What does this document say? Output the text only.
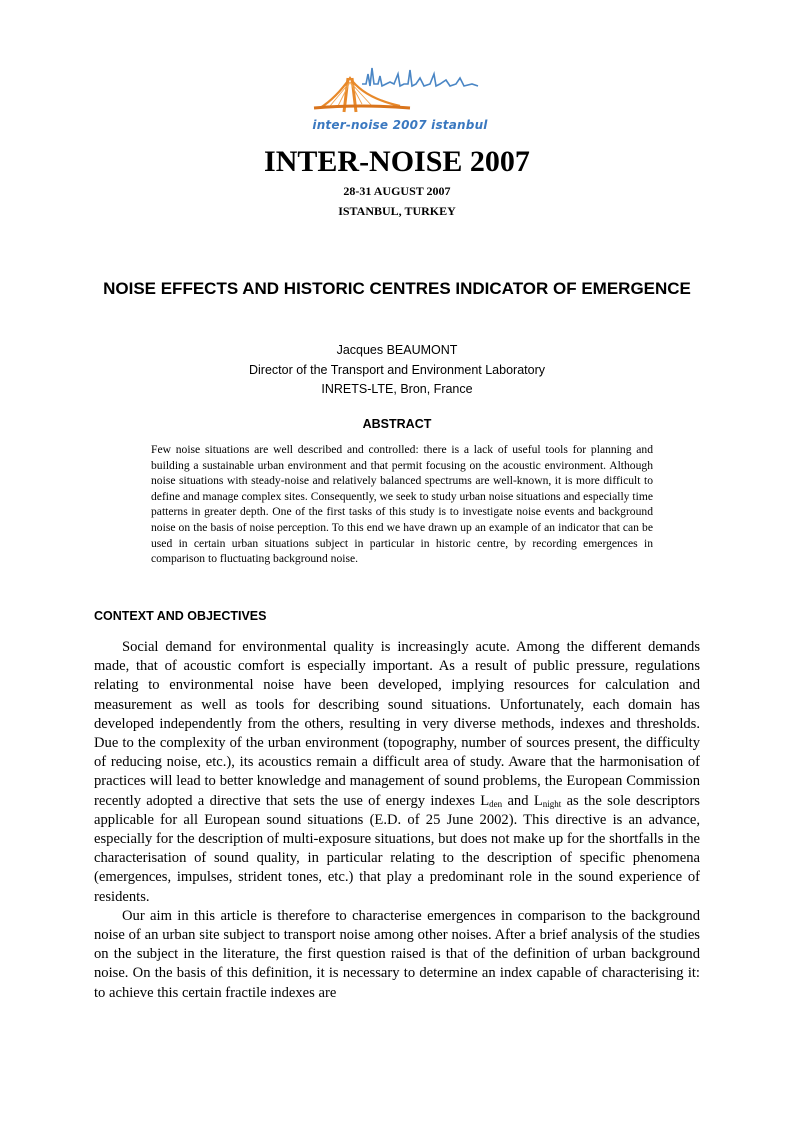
inter-noise 2007 istanbul
INTER-NOISE 2007
28-31 AUGUST 2007
ISTANBUL, TURKEY
NOISE EFFECTS AND HISTORIC CENTRES INDICATOR OF EMERGENCE
Jacques BEAUMONT
Director of the Transport and Environment Laboratory
INRETS-LTE, Bron, France
ABSTRACT

Few noise situations are well described and controlled: there is a lack of useful tools for planning and building a sustainable urban environment and that permit focusing on the acoustic environment. Although noise situations with steady-noise and relatively balanced spectrums are well-known, it is more difficult to define and manage complex sites. Consequently, we seek to study urban noise situations and especially time patterns in greater depth. One of the first tasks of this study is to investigate noise events and background noise on the basis of noise perception. To this end we have drawn up an example of an indicator that can be used in certain urban situations subject in particular in historic centre, by recording emergences in comparison to fluctuating background noise.

CONTEXT AND OBJECTIVES

Social demand for environmental quality is increasingly acute. Among the different demands made, that of acoustic comfort is especially important. As a result of public pressure, regulations relating to environmental noise have been developed, implying resources for calculation and measurement as well as tools for describing sound situations. Unfortunately, each domain has developed independently from the others, resulting in very diverse methods, indexes and thresholds. Due to the complexity of the urban environment (topography, number of sources present, the difficulty of reducing noise, etc.), its acoustics remain a difficult area of study. Aware that the harmonisation of practices will lead to better knowledge and management of sound problems, the European Commission recently adopted a directive that sets the use of energy indexes $L_{den}$ and $L_{night}$ as the sole descriptors applicable for all European sound situations (E.D. of 25 June 2002). This directive is an advance, especially for the description of multi-exposure situations, but does not make up for the shortfalls in the characterisation of sound quality, in particular relating to the description of specific phenomena (emergences, impulses, strident tones, etc.) that play a predominant role in the sound experience of residents.

Our aim in this article is therefore to characterise emergences in comparison to the background noise of an urban site subject to transport noise among other noises. After a brief analysis of the studies on the subject in the literature, the first question raised is that of the definition of urban background noise. On the basis of this definition, it is necessary to determine an index capable of characterising it: to achieve this certain fractile indexes are
